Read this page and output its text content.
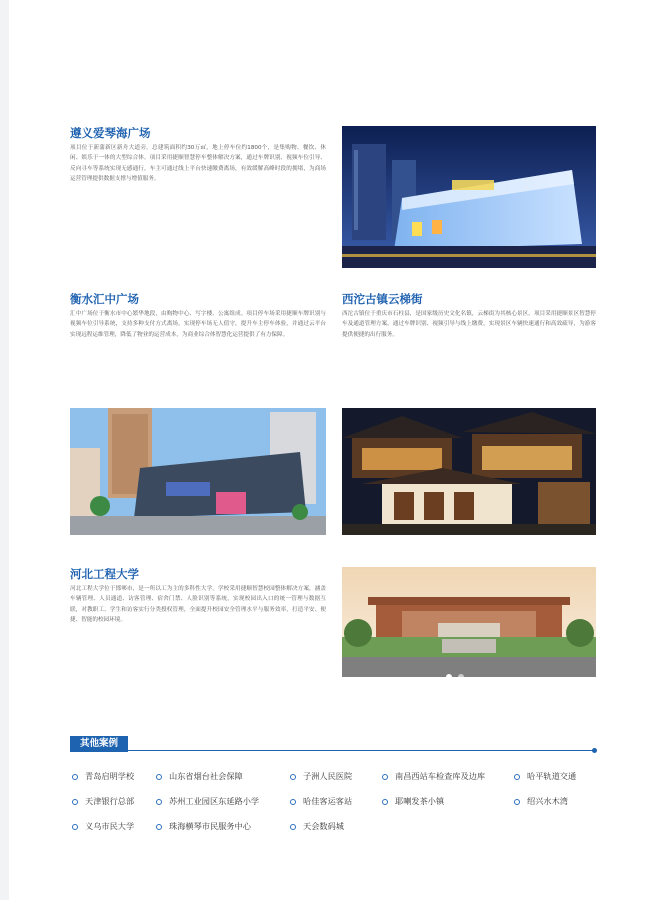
遵义爱琴海广场
项目位于新蒲新区新舟大道旁，总建筑面积约30万㎡，地上停车位约1800个，是集购物、餐饮、休闲、娱乐于一体的大型综合体。项目采用捷顺智慧停车整体解决方案，通过车牌识别、视频车位引导、反向寻车等系统实现无感通行，车主可通过线上平台快速缴费离场，有效缓解高峰时段的拥堵，为商场运营管理提供数据支撑与增值服务。
衡水汇中广场
汇中广场位于衡水市中心繁华地段，由购物中心、写字楼、公寓组成。项目停车场采用捷顺车牌识别与视频车位引导系统，支持多种支付方式离场，实现停车场无人值守，提升车主停车体验，并通过云平台实现远程运维管理，降低了物业的运营成本，为商业综合体智慧化运营提供了有力保障。
西沱古镇云梯街
西沱古镇位于重庆市石柱县，是国家级历史文化名镇，云梯街为其核心景区。项目采用捷顺景区智慧停车及通道管理方案，通过车牌识别、视频引导与线上缴费，实现景区车辆快速通行和高效疏导，为游客提供便捷的出行服务。
河北工程大学
河北工程大学位于邯郸市，是一所以工为主的多科性大学。学校采用捷顺智慧校园整体解决方案，涵盖车辆管理、人员通道、访客管理、宿舍门禁、人脸识别等系统，实现校园出入口的统一管理与数据互联，对教职工、学生和访客实行分类授权管理，全面提升校园安全管理水平与服务效率，打造平安、便捷、智能的校园环境。
其他案例
青岛启明学校	山东省烟台社会保障	子洲人民医院	南昌西站车检查库及边库	哈平轨道交通
天津银行总部	苏州工业园区东延路小学	哈佳客运客站	耶喇发茶小镇	绍兴水木湾
义乌市民大学	珠海横琴市民服务中心	天会数码城
